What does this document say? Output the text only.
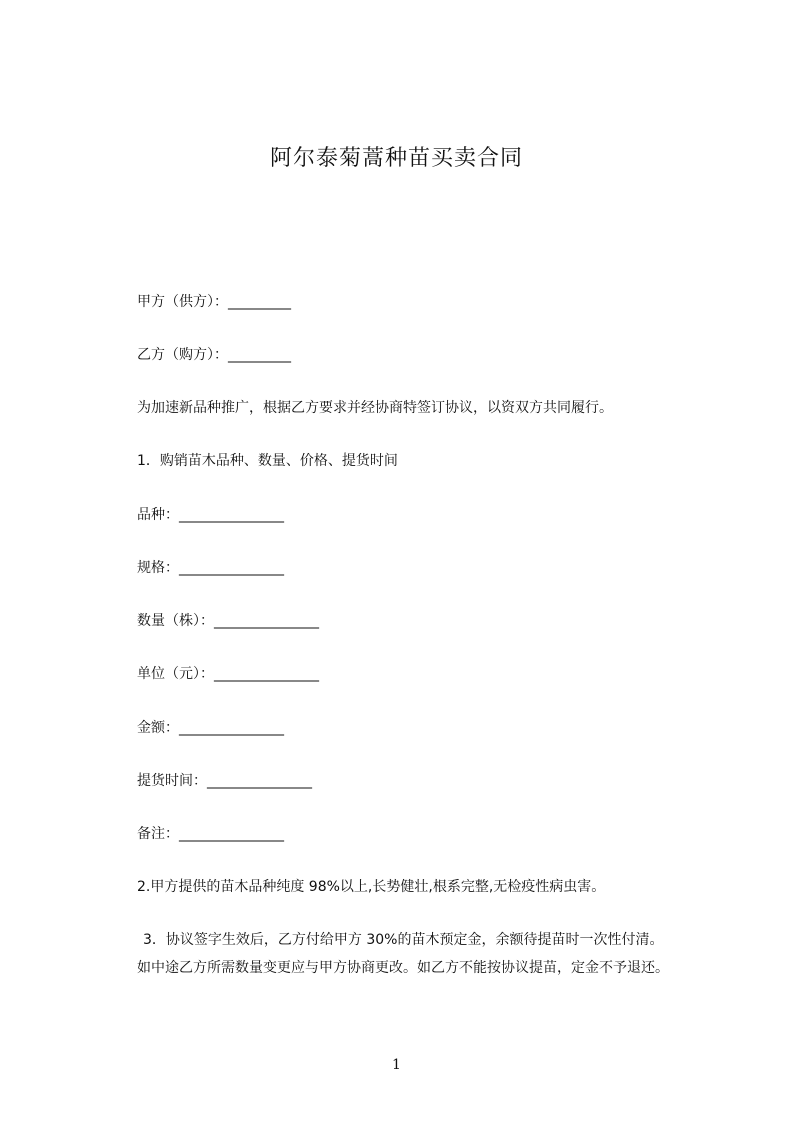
阿尔泰菊蒿种苗买卖合同
甲方（供方）：_________
乙方（购方）：_________
为加速新品种推广，根据乙方要求并经协商特签订协议，以资双方共同履行。
1．购销苗木品种、数量、价格、提货时间
品种：_______________
规格：_______________
数量（株）：_______________
单位（元）：_______________
金额：_______________
提货时间：_______________
备注：_______________
2.甲方提供的苗木品种纯度 98%以上,长势健壮,根系完整,无检疫性病虫害。
3．协议签字生效后，乙方付给甲方 30%的苗木预定金，余额待提苗时一次性付清。如中途乙方所需数量变更应与甲方协商更改。如乙方不能按协议提苗，定金不予退还。
1
